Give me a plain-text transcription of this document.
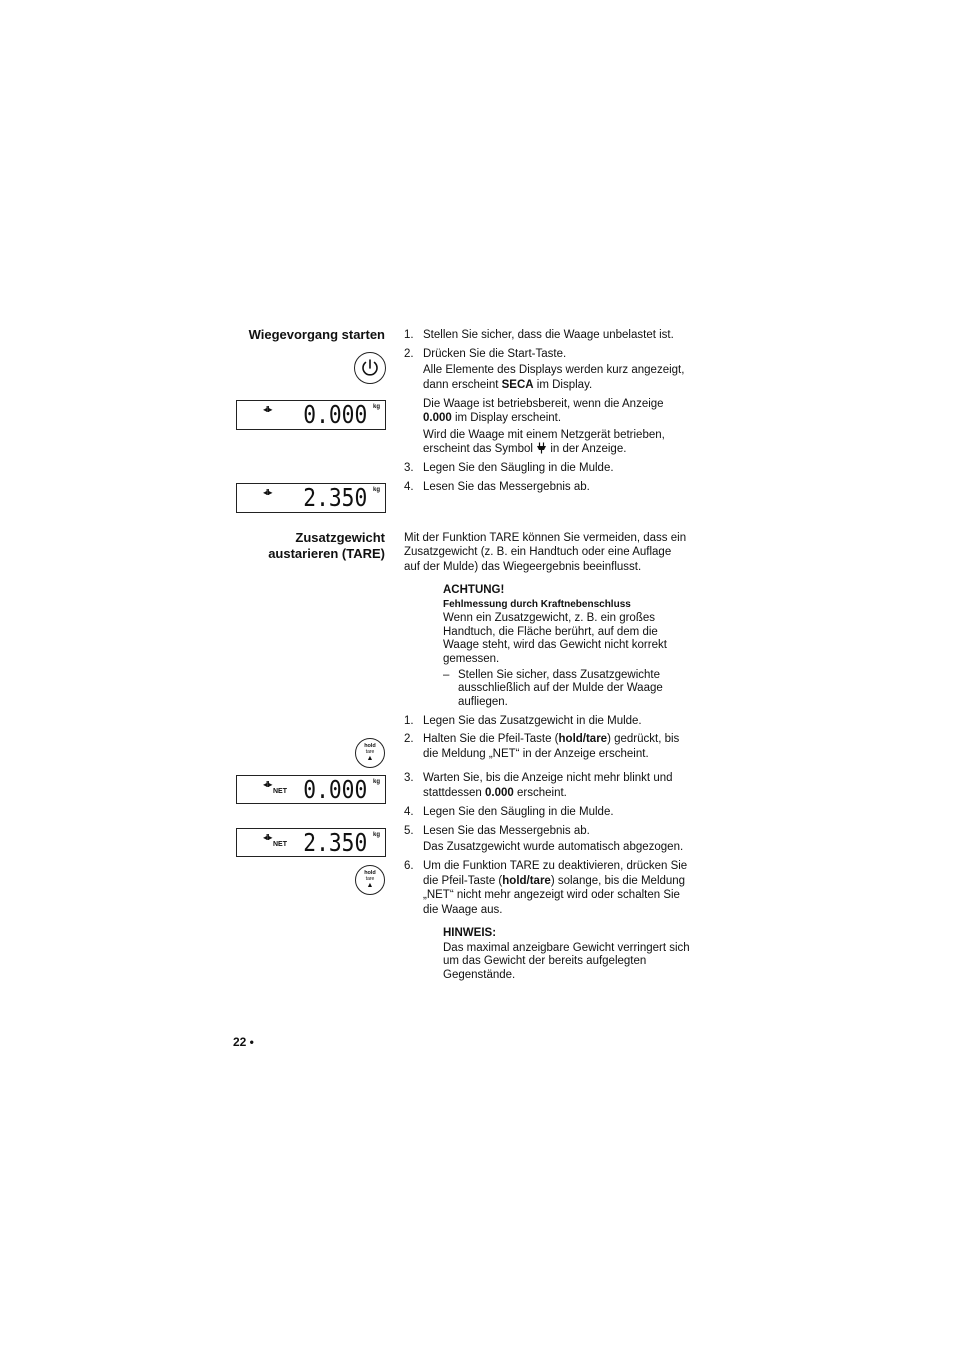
Wiegevorgang starten
◂II▸ 0.000 kg
◂II▸ 2.350 kg
1. Stellen Sie sicher, dass die Waage unbelastet ist.
2. Drücken Sie die Start-Taste.
Alle Elemente des Displays werden kurz angezeigt,
dann erscheint SECA im Display.
Die Waage ist betriebsbereit, wenn die Anzeige
0.000 im Display erscheint.
Wird die Waage mit einem Netzgerät betrieben,
erscheint das Symbol  in der Anzeige.
3. Legen Sie den Säugling in die Mulde.
4. Lesen Sie das Messergebnis ab.
Zusatzgewicht
austarieren (TARE)
Mit der Funktion TARE können Sie vermeiden, dass ein
Zusatzgewicht (z. B. ein Handtuch oder eine Auflage
auf der Mulde) das Wiegeergebnis beeinflusst.
ACHTUNG!
Fehlmessung durch Kraftnebenschluss
Wenn ein Zusatzgewicht, z. B. ein großes
Handtuch, die Fläche berührt, auf dem die
Waage steht, wird das Gewicht nicht korrekt
gemessen.
– Stellen Sie sicher, dass Zusatzgewichte
ausschließlich auf der Mulde der Waage
aufliegen.
1. Legen Sie das Zusatzgewicht in die Mulde.
2. Halten Sie die Pfeil-Taste (hold/tare) gedrückt, bis
die Meldung „NET“ in der Anzeige erscheint.
3. Warten Sie, bis die Anzeige nicht mehr blinkt und
stattdessen 0.000 erscheint.
4. Legen Sie den Säugling in die Mulde.
5. Lesen Sie das Messergebnis ab.
Das Zusatzgewicht wurde automatisch abgezogen.
6. Um die Funktion TARE zu deaktivieren, drücken Sie
die Pfeil-Taste (hold/tare) solange, bis die Meldung
„NET“ nicht mehr angezeigt wird oder schalten Sie
die Waage aus.
HINWEIS:
Das maximal anzeigbare Gewicht verringert sich
um das Gewicht der bereits aufgelegten
Gegenstände.
hold
tare
▲
◂II▸
NET 0.000 kg
◂II▸
NET 2.350 kg
hold
tare
▲
22 •
